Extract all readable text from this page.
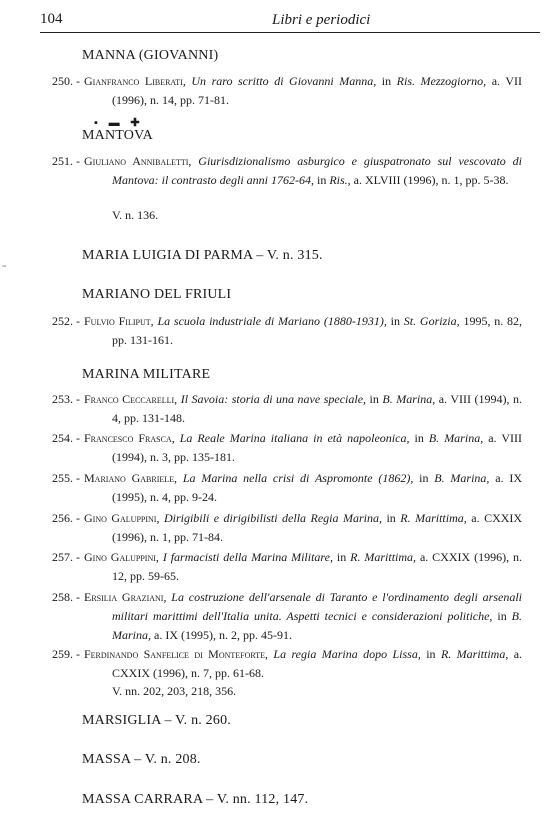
104	Libri e periodici
=
MANNA (GIOVANNI)
250. - Gianfranco Liberati, Un raro scritto di Giovanni Manna, in Ris. Mezzogiorno, a. VII (1996), n. 14, pp. 71-81.
▪ ▬ ✚
MANTOVA
251. - Giuliano Annibaletti, Giurisdizionalismo asburgico e giuspatronato sul vescovato di Mantova: il contrasto degli anni 1762-64, in Ris., a. XLVIII (1996), n. 1, pp. 5-38.
V. n. 136.
MARIA LUIGIA DI PARMA – V. n. 315.
MARIANO DEL FRIULI
252. - Fulvio Filiput, La scuola industriale di Mariano (1880-1931), in St. Gorizia, 1995, n. 82, pp. 131-161.
MARINA MILITARE
253. - Franco Ceccarelli, Il Savoia: storia di una nave speciale, in B. Marina, a. VIII (1994), n. 4, pp. 131-148.
254. - Francesco Frasca, La Reale Marina italiana in età napoleonica, in B. Marina, a. VIII (1994), n. 3, pp. 135-181.
255. - Mariano Gabriele, La Marina nella crisi di Aspromonte (1862), in B. Marina, a. IX (1995), n. 4, pp. 9-24.
256. - Gino Galuppini, Dirigibili e dirigibilisti della Regia Marina, in R. Marittima, a. CXXIX (1996), n. 1, pp. 71-84.
257. - Gino Galuppini, I farmacisti della Marina Militare, in R. Marittima, a. CXXIX (1996), n. 12, pp. 59-65.
258. - Ersilia Graziani, La costruzione dell'arsenale di Taranto e l'ordinamento degli arsenali militari marittimi dell'Italia unita. Aspetti tecnici e considerazioni politiche, in B. Marina, a. IX (1995), n. 2, pp. 45-91.
259. - Ferdinando Sanfelice di Monteforte, La regia Marina dopo Lissa, in R. Marittima, a. CXXIX (1996), n. 7, pp. 61-68.
V. nn. 202, 203, 218, 356.
MARSIGLIA – V. n. 260.
MASSA – V. n. 208.
MASSA CARRARA – V. nn. 112, 147.
